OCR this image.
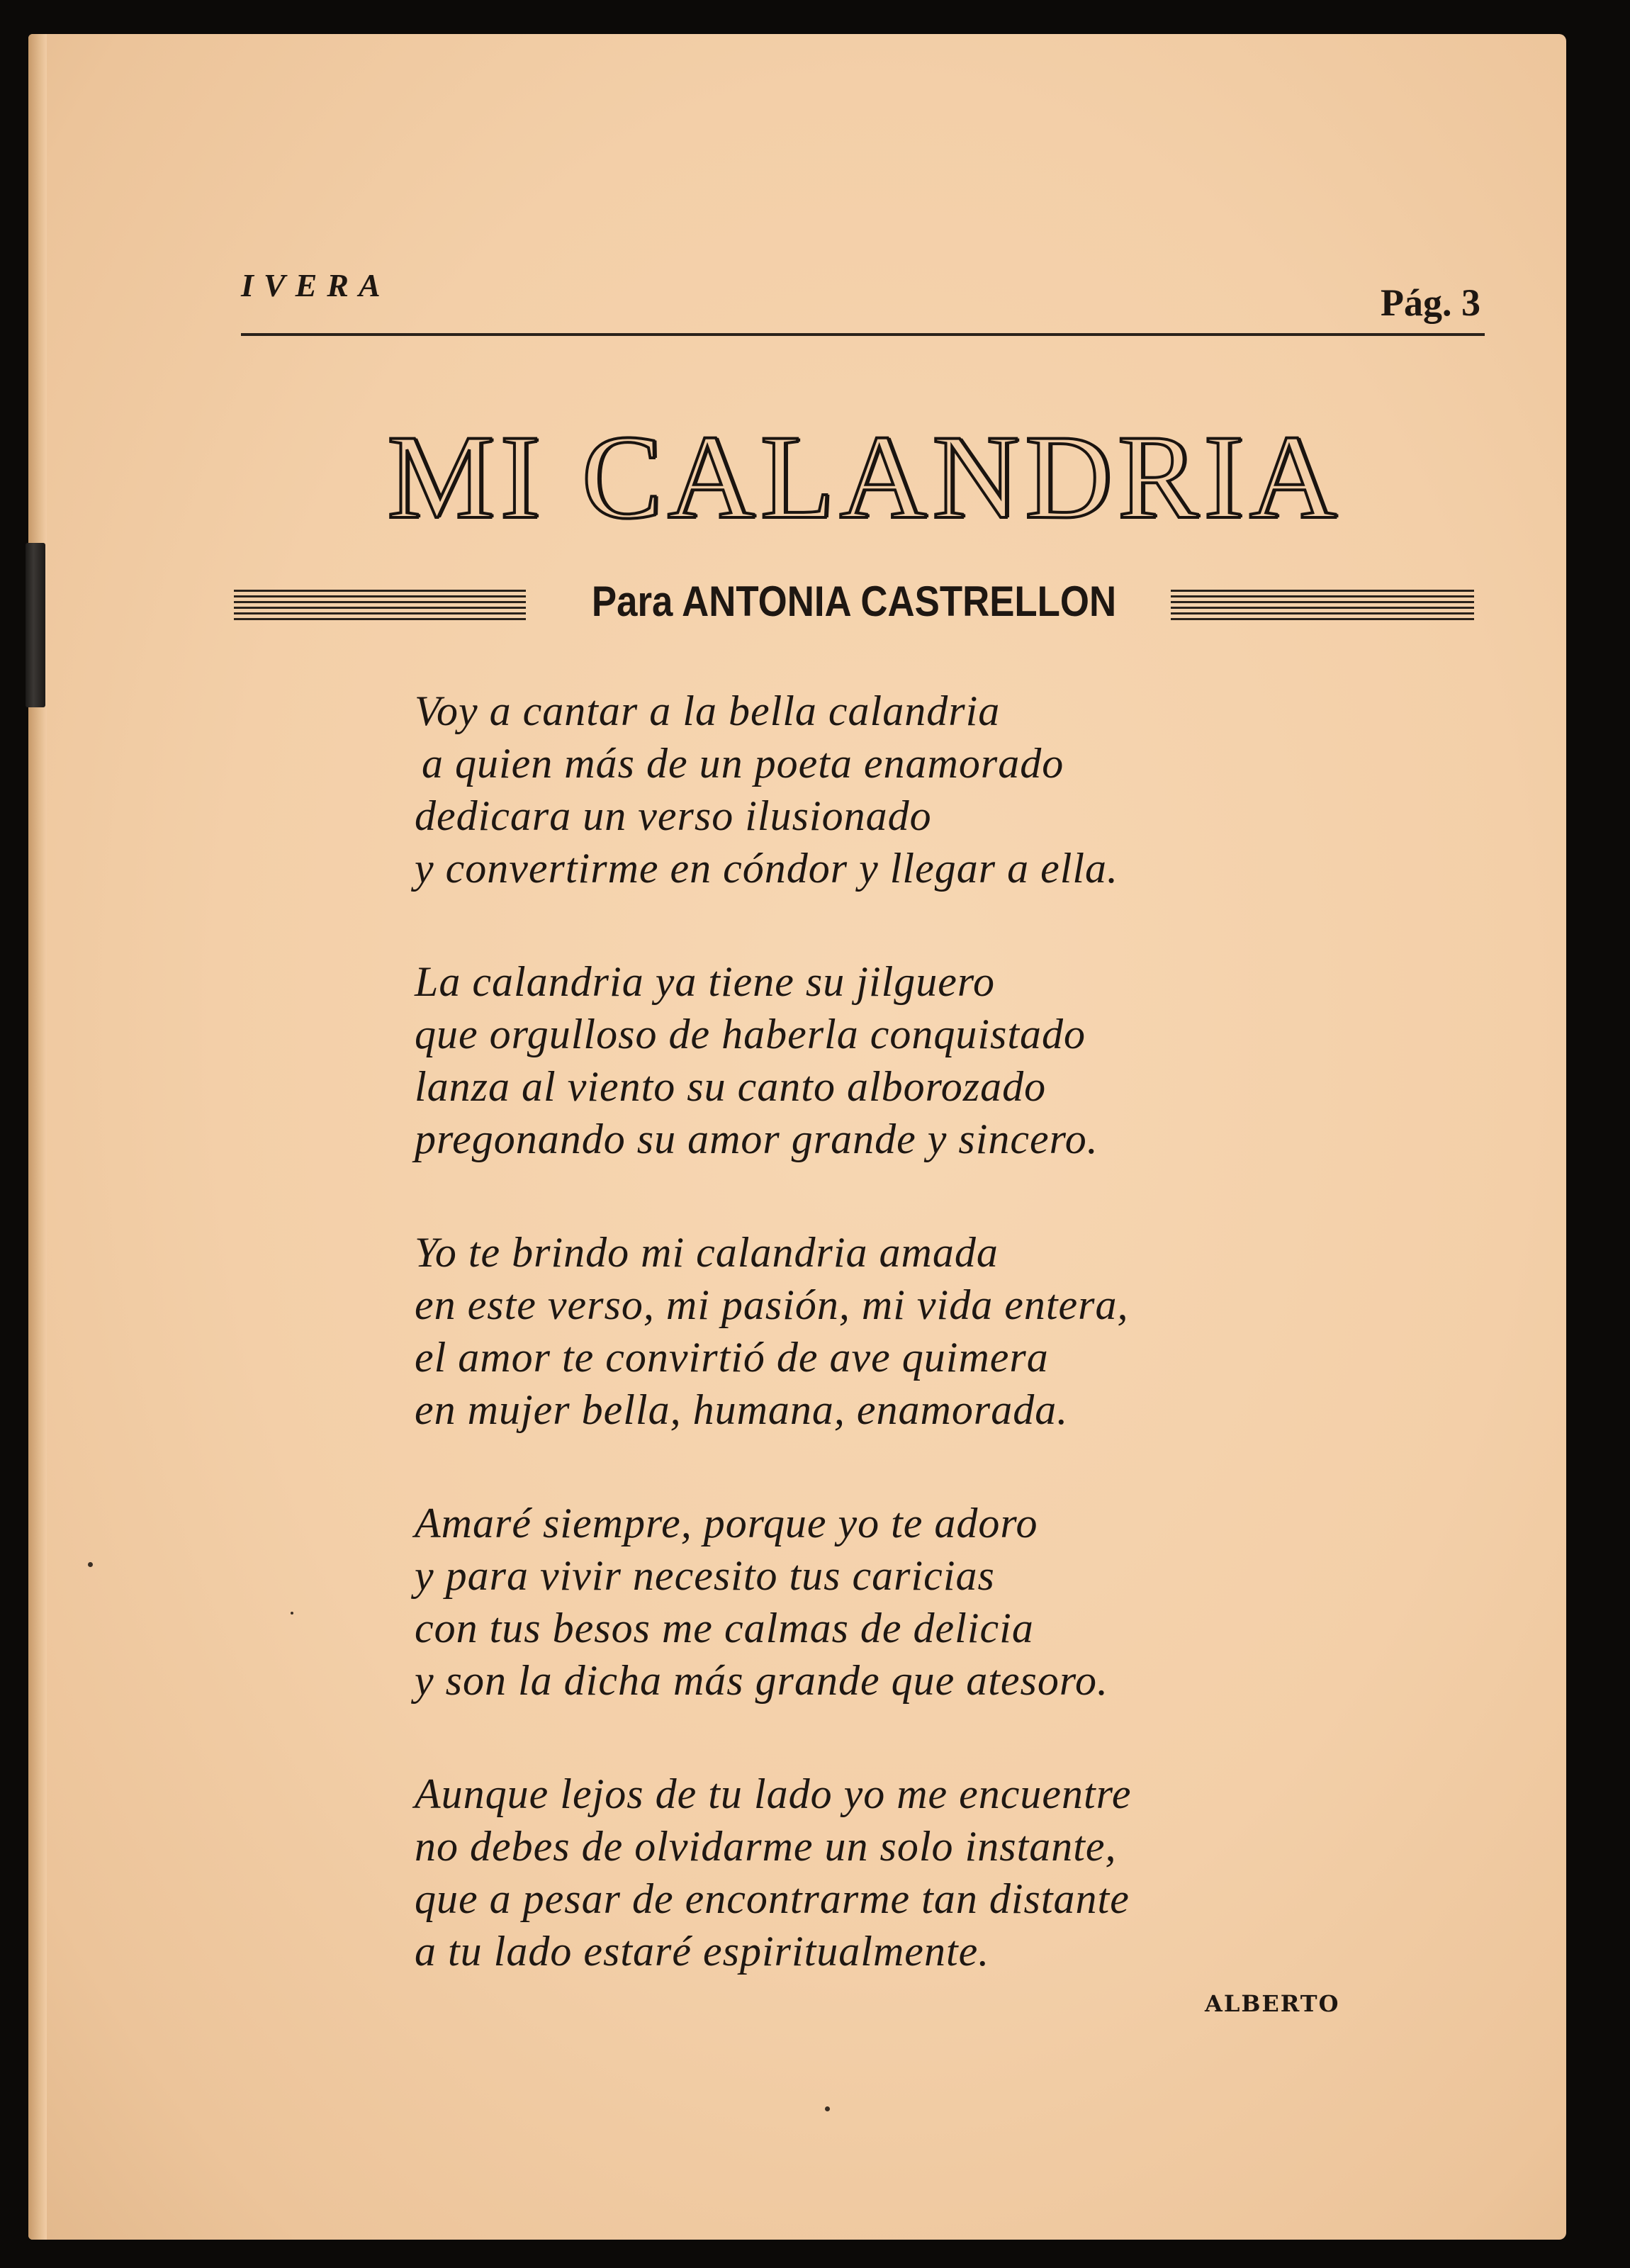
IVERA	Pág. 3
MI CALANDRIA
Para ANTONIA CASTRELLON
Voy a cantar a la bella calandria
a quien más de un poeta enamorado
dedicara un verso ilusionado
y convertirme en cóndor y llegar a ella.
La calandria ya tiene su jilguero
que orgulloso de haberla conquistado
lanza al viento su canto alborozado
pregonando su amor grande y sincero.
Yo te brindo mi calandria amada
en este verso, mi pasión, mi vida entera,
el amor te convirtió de ave quimera
en mujer bella, humana, enamorada.
Amaré siempre, porque yo te adoro
y para vivir necesito tus caricias
con tus besos me calmas de delicia
y son la dicha más grande que atesoro.
Aunque lejos de tu lado yo me encuentre
no debes de olvidarme un solo instante,
que a pesar de encontrarme tan distante
a tu lado estaré espiritualmente.
ALBERTO
